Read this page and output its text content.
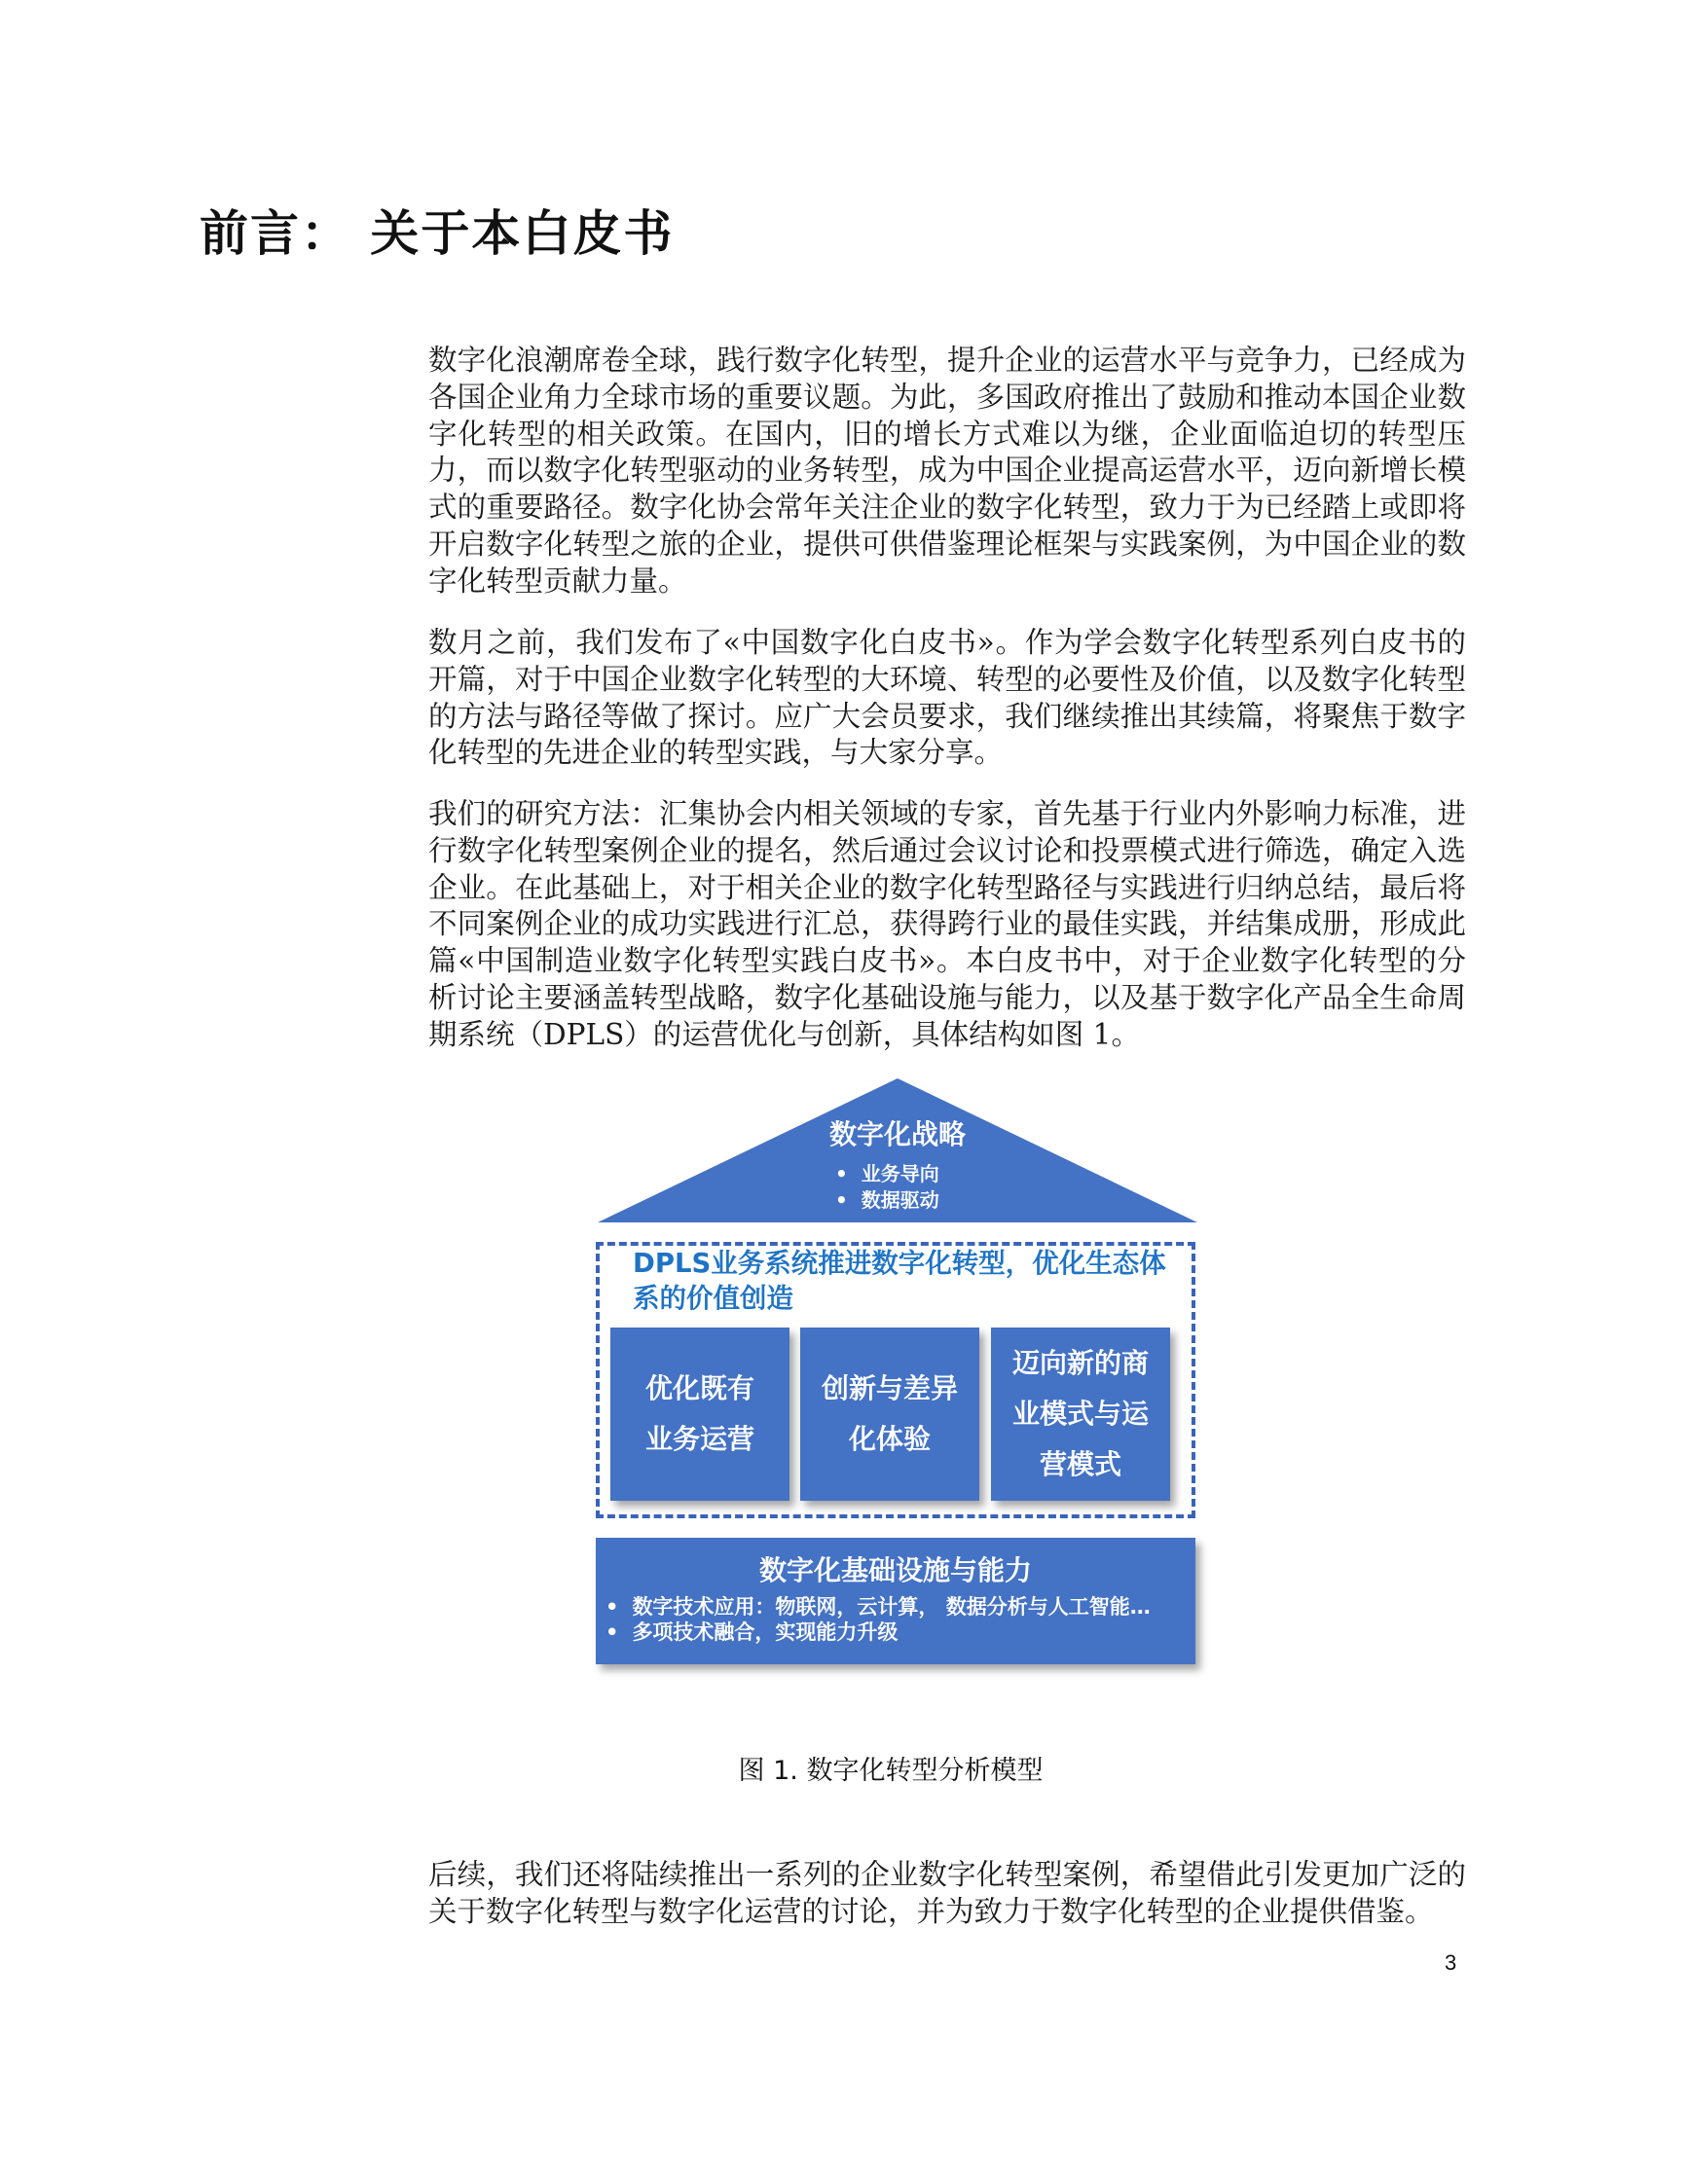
前言： 关于本白皮书

数字化浪潮席卷全球，践行数字化转型，提升企业的运营水平与竞争力，已经成为各国企业角力全球市场的重要议题。为此，多国政府推出了鼓励和推动本国企业数字化转型的相关政策。在国内，旧的增长方式难以为继，企业面临迫切的转型压力，而以数字化转型驱动的业务转型，成为中国企业提高运营水平，迈向新增长模式的重要路径。数字化协会常年关注企业的数字化转型，致力于为已经踏上或即将开启数字化转型之旅的企业，提供可供借鉴理论框架与实践案例，为中国企业的数字化转型贡献力量。

数月之前，我们发布了«中国数字化白皮书»。作为学会数字化转型系列白皮书的开篇，对于中国企业数字化转型的大环境、转型的必要性及价值，以及数字化转型的方法与路径等做了探讨。应广大会员要求，我们继续推出其续篇，将聚焦于数字化转型的先进企业的转型实践，与大家分享。

我们的研究方法：汇集协会内相关领域的专家，首先基于行业内外影响力标准，进行数字化转型案例企业的提名，然后通过会议讨论和投票模式进行筛选，确定入选企业。在此基础上，对于相关企业的数字化转型路径与实践进行归纳总结，最后将不同案例企业的成功实践进行汇总，获得跨行业的最佳实践，并结集成册，形成此篇«中国制造业数字化转型实践白皮书»。本白皮书中，对于企业数字化转型的分析讨论主要涵盖转型战略，数字化基础设施与能力，以及基于数字化产品全生命周期系统（DPLS）的运营优化与创新，具体结构如图 1。

数字化战略
• 业务导向
• 数据驱动

DPLS业务系统推进数字化转型，优化生态体系的价值创造

优化既有
业务运营
创新与差异
化体验
迈向新的商
业模式与运
营模式
数字化基础设施与能力
• 数字技术应用：物联网，云计算， 数据分析与人工智能…
• 多项技术融合，实现能力升级

图 1. 数字化转型分析模型

后续，我们还将陆续推出一系列的企业数字化转型案例，希望借此引发更加广泛的关于数字化转型与数字化运营的讨论，并为致力于数字化转型的企业提供借鉴。

3
